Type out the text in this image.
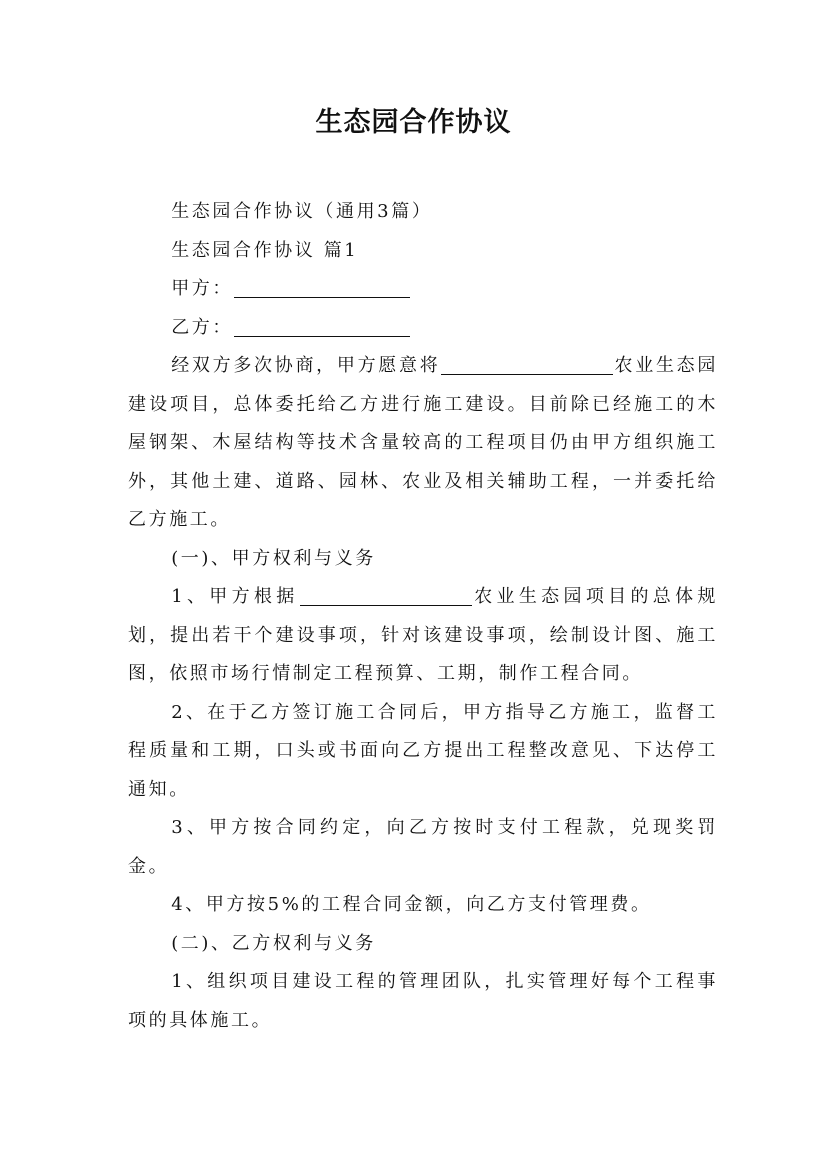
生态园合作协议

生态园合作协议（通用3篇）

生态园合作协议 篇1

甲方：

乙方：

经双方多次协商，甲方愿意将	农业生态园建设项目，总体委托给乙方进行施工建设。目前除已经施工的木屋钢架、木屋结构等技术含量较高的工程项目仍由甲方组织施工外，其他土建、道路、园林、农业及相关辅助工程，一并委托给乙方施工。

(一)、甲方权利与义务

1、甲方根据	农业生态园项目的总体规划，提出若干个建设事项，针对该建设事项，绘制设计图、施工图，依照市场行情制定工程预算、工期，制作工程合同。

2、在于乙方签订施工合同后，甲方指导乙方施工，监督工程质量和工期，口头或书面向乙方提出工程整改意见、下达停工通知。

3、甲方按合同约定，向乙方按时支付工程款，兑现奖罚金。

4、甲方按5%的工程合同金额，向乙方支付管理费。

(二)、乙方权利与义务

1、组织项目建设工程的管理团队，扎实管理好每个工程事项的具体施工。
